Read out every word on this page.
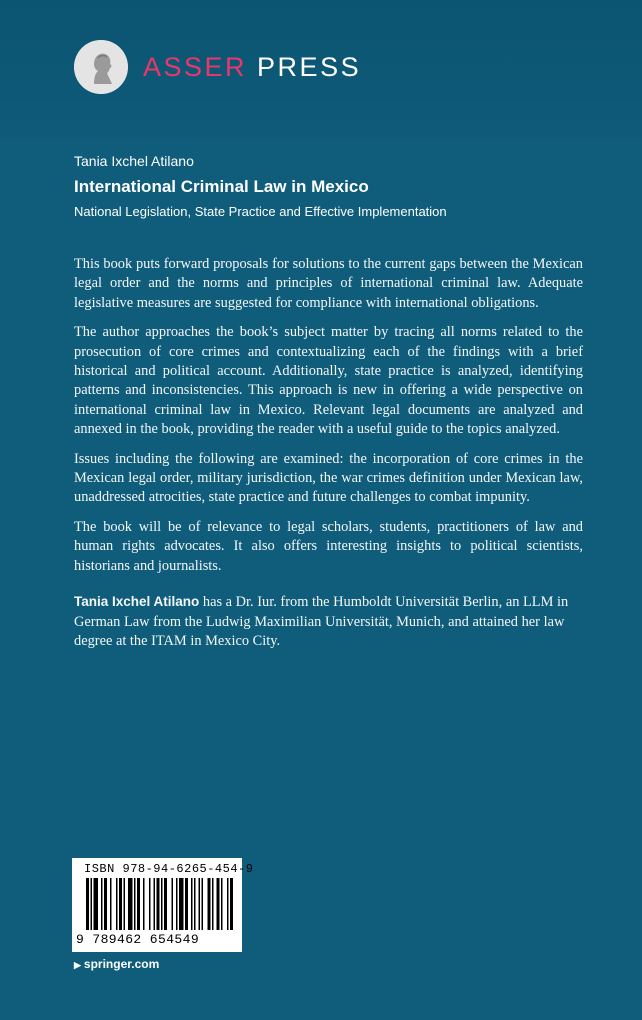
ASSER PRESS
Tania Ixchel Atilano
International Criminal Law in Mexico
National Legislation, State Practice and Effective Implementation

This book puts forward proposals for solutions to the current gaps between the Mexican legal order and the norms and principles of international criminal law. Adequate legislative measures are suggested for compliance with international obligations.

The author approaches the book’s subject matter by tracing all norms related to the prosecution of core crimes and contextualizing each of the findings with a brief historical and political account. Additionally, state practice is analyzed, identifying patterns and inconsistencies. This approach is new in offering a wide perspective on international criminal law in Mexico. Relevant legal documents are analyzed and annexed in the book, providing the reader with a useful guide to the topics analyzed.

Issues including the following are examined: the incorporation of core crimes in the Mexican legal order, military jurisdiction, the war crimes definition under Mexican law, unaddressed atrocities, state practice and future challenges to combat impunity.

The book will be of relevance to legal scholars, students, practitioners of law and human rights advocates. It also offers interesting insights to political scientists, historians and journalists.

Tania Ixchel Atilano has a Dr. Iur. from the Humboldt Universität Berlin, an LLM in German Law from the Ludwig Maximilian Universität, Munich, and attained her law degree at the ITAM in Mexico City.

ISBN 978-94-6265-454-9
9 789462 654549
▶ springer.com
